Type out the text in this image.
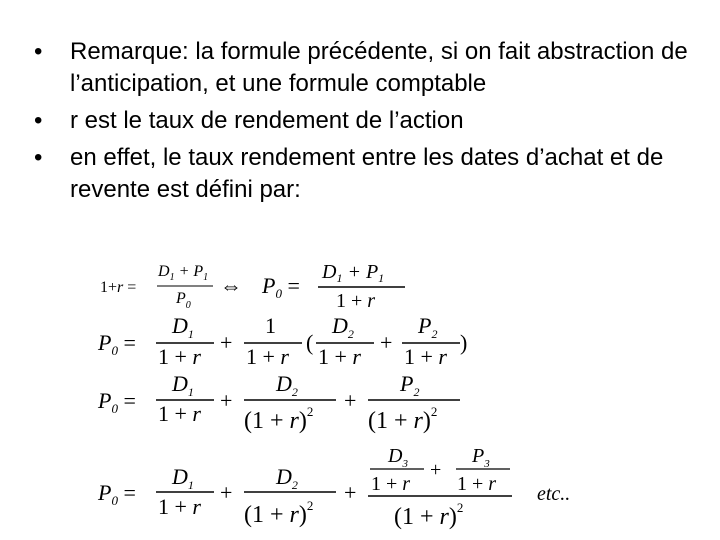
•	Remarque: la formule précédente, si on fait abstraction de l’anticipation, et une formule comptable
•	r est le taux de rendement de l’action
•	en effet, le taux rendement entre les dates d’achat et de revente est défini par:
1+r =
$D_1 + P_1$
$P_0$
⇔ $P_0$ =
$D_1 + P_1$
1 + r
$P_0$ =
$D_1$
1 + r
+
1
1 + r
(
$D_2$
1 + r
+
$P_2$
1 + r
)
$P_0$ =
$D_1$
1 + r
+
$D_2$
$(1 + r)^2$ +
$P_2$
$(1 + r)^2$
$P_0$ =
$D_1$
1 + r
+
$D_2$
$(1 + r)^2$
+
$D_3$
1 + r
+
$P_3$
1 + r
$(1 + r)^2$
etc..
